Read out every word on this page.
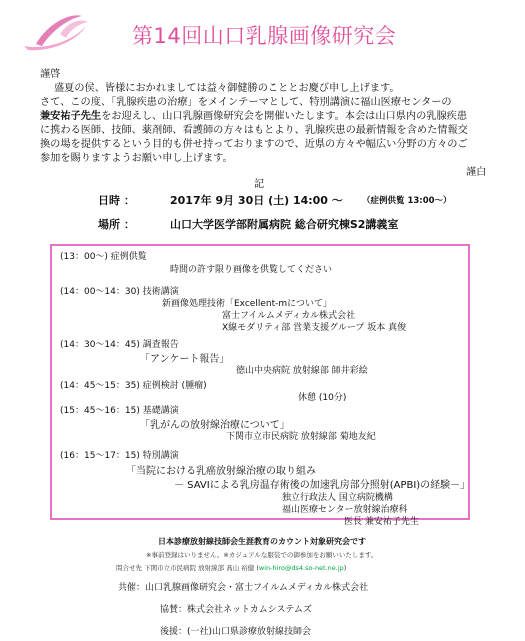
第14回山口乳腺画像研究会
謹啓
盛夏の侯、皆様におかれましては益々御健勝のこととお慶び申し上げます。
さて、この度、「乳腺疾患の治療」をメインテーマとして、特別講演に福山医療センターの
兼安祐子先生をお迎えし、山口乳腺画像研究会を開催いたします。本会は山口県内の乳腺疾患
に携わる医師、技師、薬剤師、看護師の方々はもとより、乳腺疾患の最新情報を含めた情報交
換の場を提供するという目的も併せ持っておりますので、近県の方々や幅広い分野の方々のご
参加を賜りますようお願い申し上げます。
謹白
記
日時 ：	2017年 9月 30日 (土) 14:00 ～ （症例供覧 13:00～）
場所 ：	山口大学医学部附属病院 総合研究棟S2講義室
(13：00～) 症例供覧
時間の許す限り画像を供覧してください
(14：00～14：30) 技術講演
新画像処理技術「Excellent-mについて」
富士フイルムメディカル株式会社
X線モダリティ部 営業支援グループ 坂本 真俊
(14：30～14：45) 調査報告
「アンケート報告」
徳山中央病院 放射線部 師井彩絵
(14：45～15：35) 症例検討 (腫瘤)
休憩 (10分)
(15：45～16：15) 基礎講演
「乳がんの放射線治療について」
下関市立市民病院 放射線部 菊地友紀
(16：15～17：15) 特別講演
「当院における乳癌放射線治療の取り組み
－ SAVIによる乳房温存術後の加速乳房部分照射(APBI)の経験－」
独立行政法人 国立病院機構
福山医療センター放射線治療科
医長 兼安祐子先生
日本診療放射線技師会生涯教育のカウント対象研究会です
※事前登録はいりません。※カジュアルな服装での御参加をお願いいたします。
問合せ先 下関市立市民病院 放射線部 髙山 裕健 (win-hiro@ds4.so-net.ne.jp)
共催：山口乳腺画像研究会・富士フイルムメディカル株式会社
協賛：株式会社ネットカムシステムズ
後援：(一社)山口県診療放射線技師会
